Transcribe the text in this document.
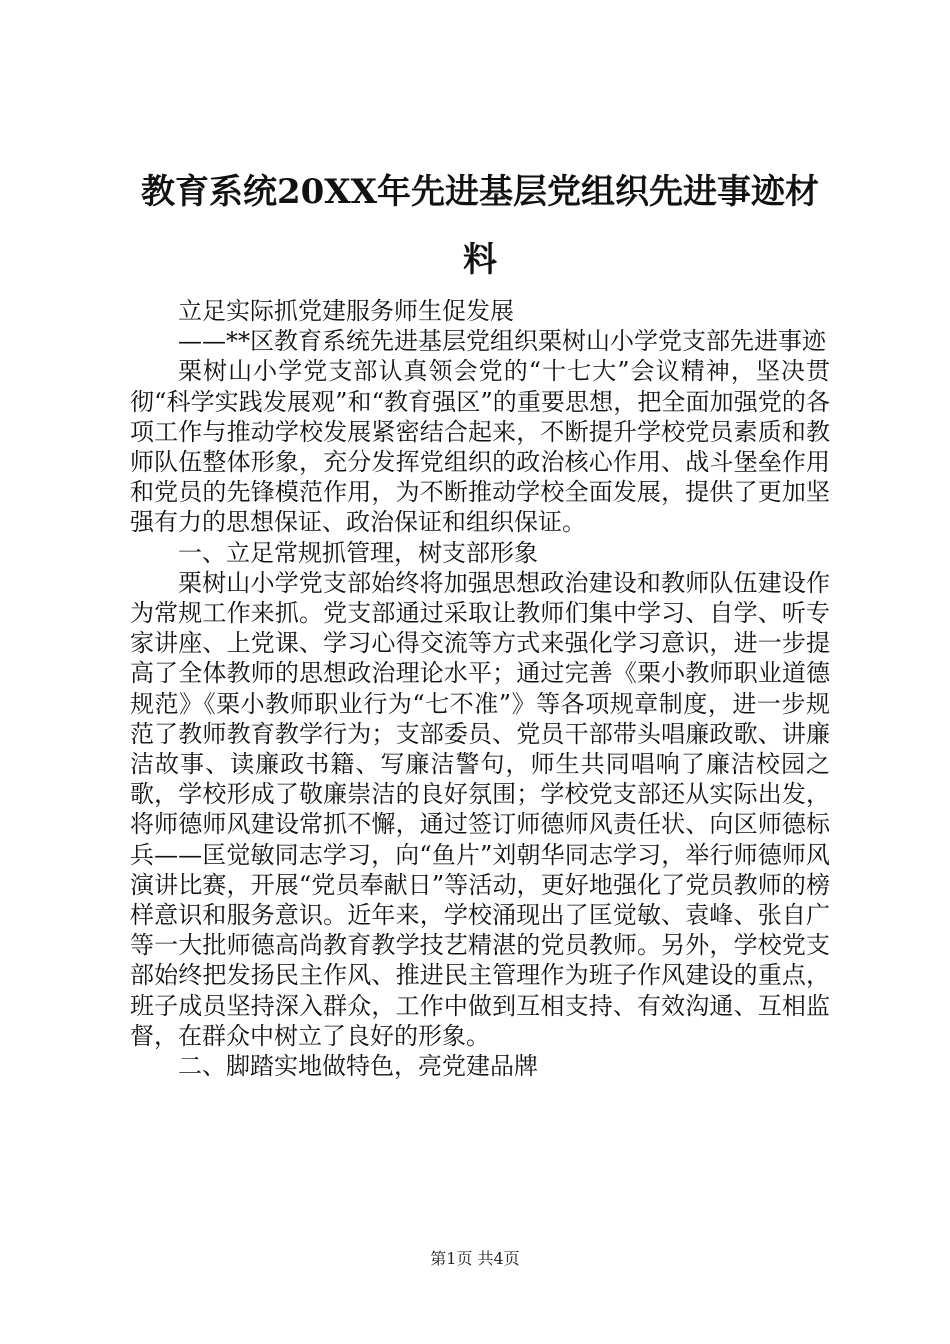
教育系统20XX年先进基层党组织先进事迹材料

立足实际抓党建服务师生促发展

——**区教育系统先进基层党组织栗树山小学党支部先进事迹

栗树山小学党支部认真领会党的“十七大”会议精神，坚决贯彻“科学实践发展观”和“教育强区”的重要思想，把全面加强党的各项工作与推动学校发展紧密结合起来，不断提升学校党员素质和教师队伍整体形象，充分发挥党组织的政治核心作用、战斗堡垒作用和党员的先锋模范作用，为不断推动学校全面发展，提供了更加坚强有力的思想保证、政治保证和组织保证。

一、立足常规抓管理，树支部形象

栗树山小学党支部始终将加强思想政治建设和教师队伍建设作为常规工作来抓。党支部通过采取让教师们集中学习、自学、听专家讲座、上党课、学习心得交流等方式来强化学习意识，进一步提高了全体教师的思想政治理论水平；通过完善《栗小教师职业道德规范》《栗小教师职业行为“七不准”》等各项规章制度，进一步规范了教师教育教学行为；支部委员、党员干部带头唱廉政歌、讲廉洁故事、读廉政书籍、写廉洁警句，师生共同唱响了廉洁校园之歌，学校形成了敬廉崇洁的良好氛围；学校党支部还从实际出发，将师德师风建设常抓不懈，通过签订师德师风责任状、向区师德标兵——匡觉敏同志学习，向“鱼片”刘朝华同志学习，举行师德师风演讲比赛，开展“党员奉献日”等活动，更好地强化了党员教师的榜样意识和服务意识。近年来，学校涌现出了匡觉敏、袁峰、张自广等一大批师德高尚教育教学技艺精湛的党员教师。另外，学校党支部始终把发扬民主作风、推进民主管理作为班子作风建设的重点，班子成员坚持深入群众，工作中做到互相支持、有效沟通、互相监督，在群众中树立了良好的形象。

二、脚踏实地做特色，亮党建品牌

第1页 共4页
